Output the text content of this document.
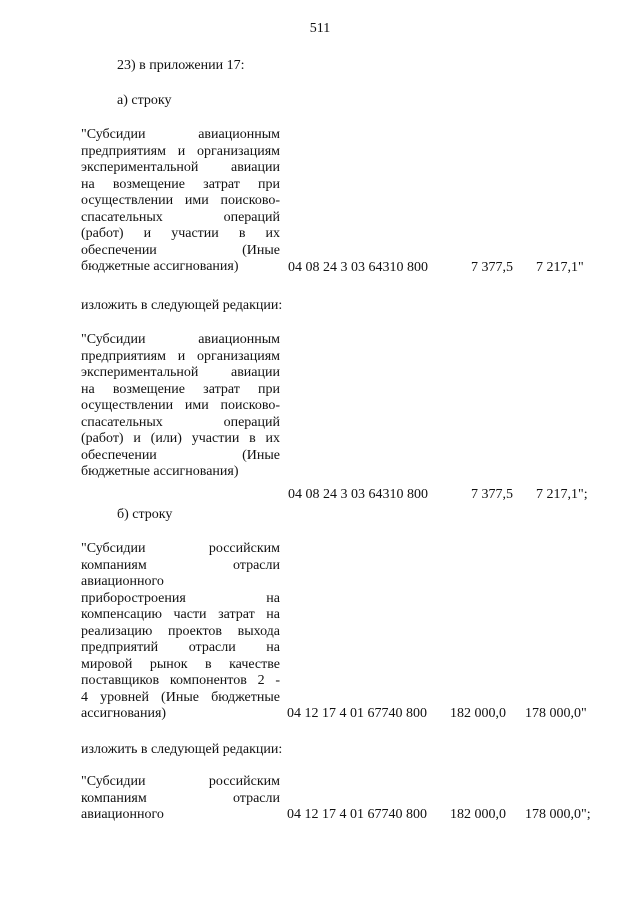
511
23) в приложении 17:
а) строку
"Субсидии авиационным
предприятиям и организациям
экспериментальной авиации
на возмещение затрат при
осуществлении ими поисково-
спасательных операций
(работ) и участии в их
обеспечении (Иные
бюджетные ассигнования)	04 08 24 3 03 64310 800	7 377,5 7 217,1"
изложить в следующей редакции:
"Субсидии авиационным
предприятиям и организациям
экспериментальной авиации
на возмещение затрат при
осуществлении ими поисково-
спасательных операций
(работ) и (или) участии в их
обеспечении (Иные
бюджетные ассигнования)
04 08 24 3 03 64310 800	7 377,5 7 217,1";
б) строку
"Субсидии российским
компаниям отрасли
авиационного
приборостроения на
компенсацию части затрат на
реализацию проектов выхода
предприятий отрасли на
мировой рынок в качестве
поставщиков компонентов 2 -
4 уровней (Иные бюджетные
ассигнования)	04 12 17 4 01 67740 800 182 000,0 178 000,0"
изложить в следующей редакции:
"Субсидии российским
компаниям отрасли
авиационного	04 12 17 4 01 67740 800 182 000,0 178 000,0";
